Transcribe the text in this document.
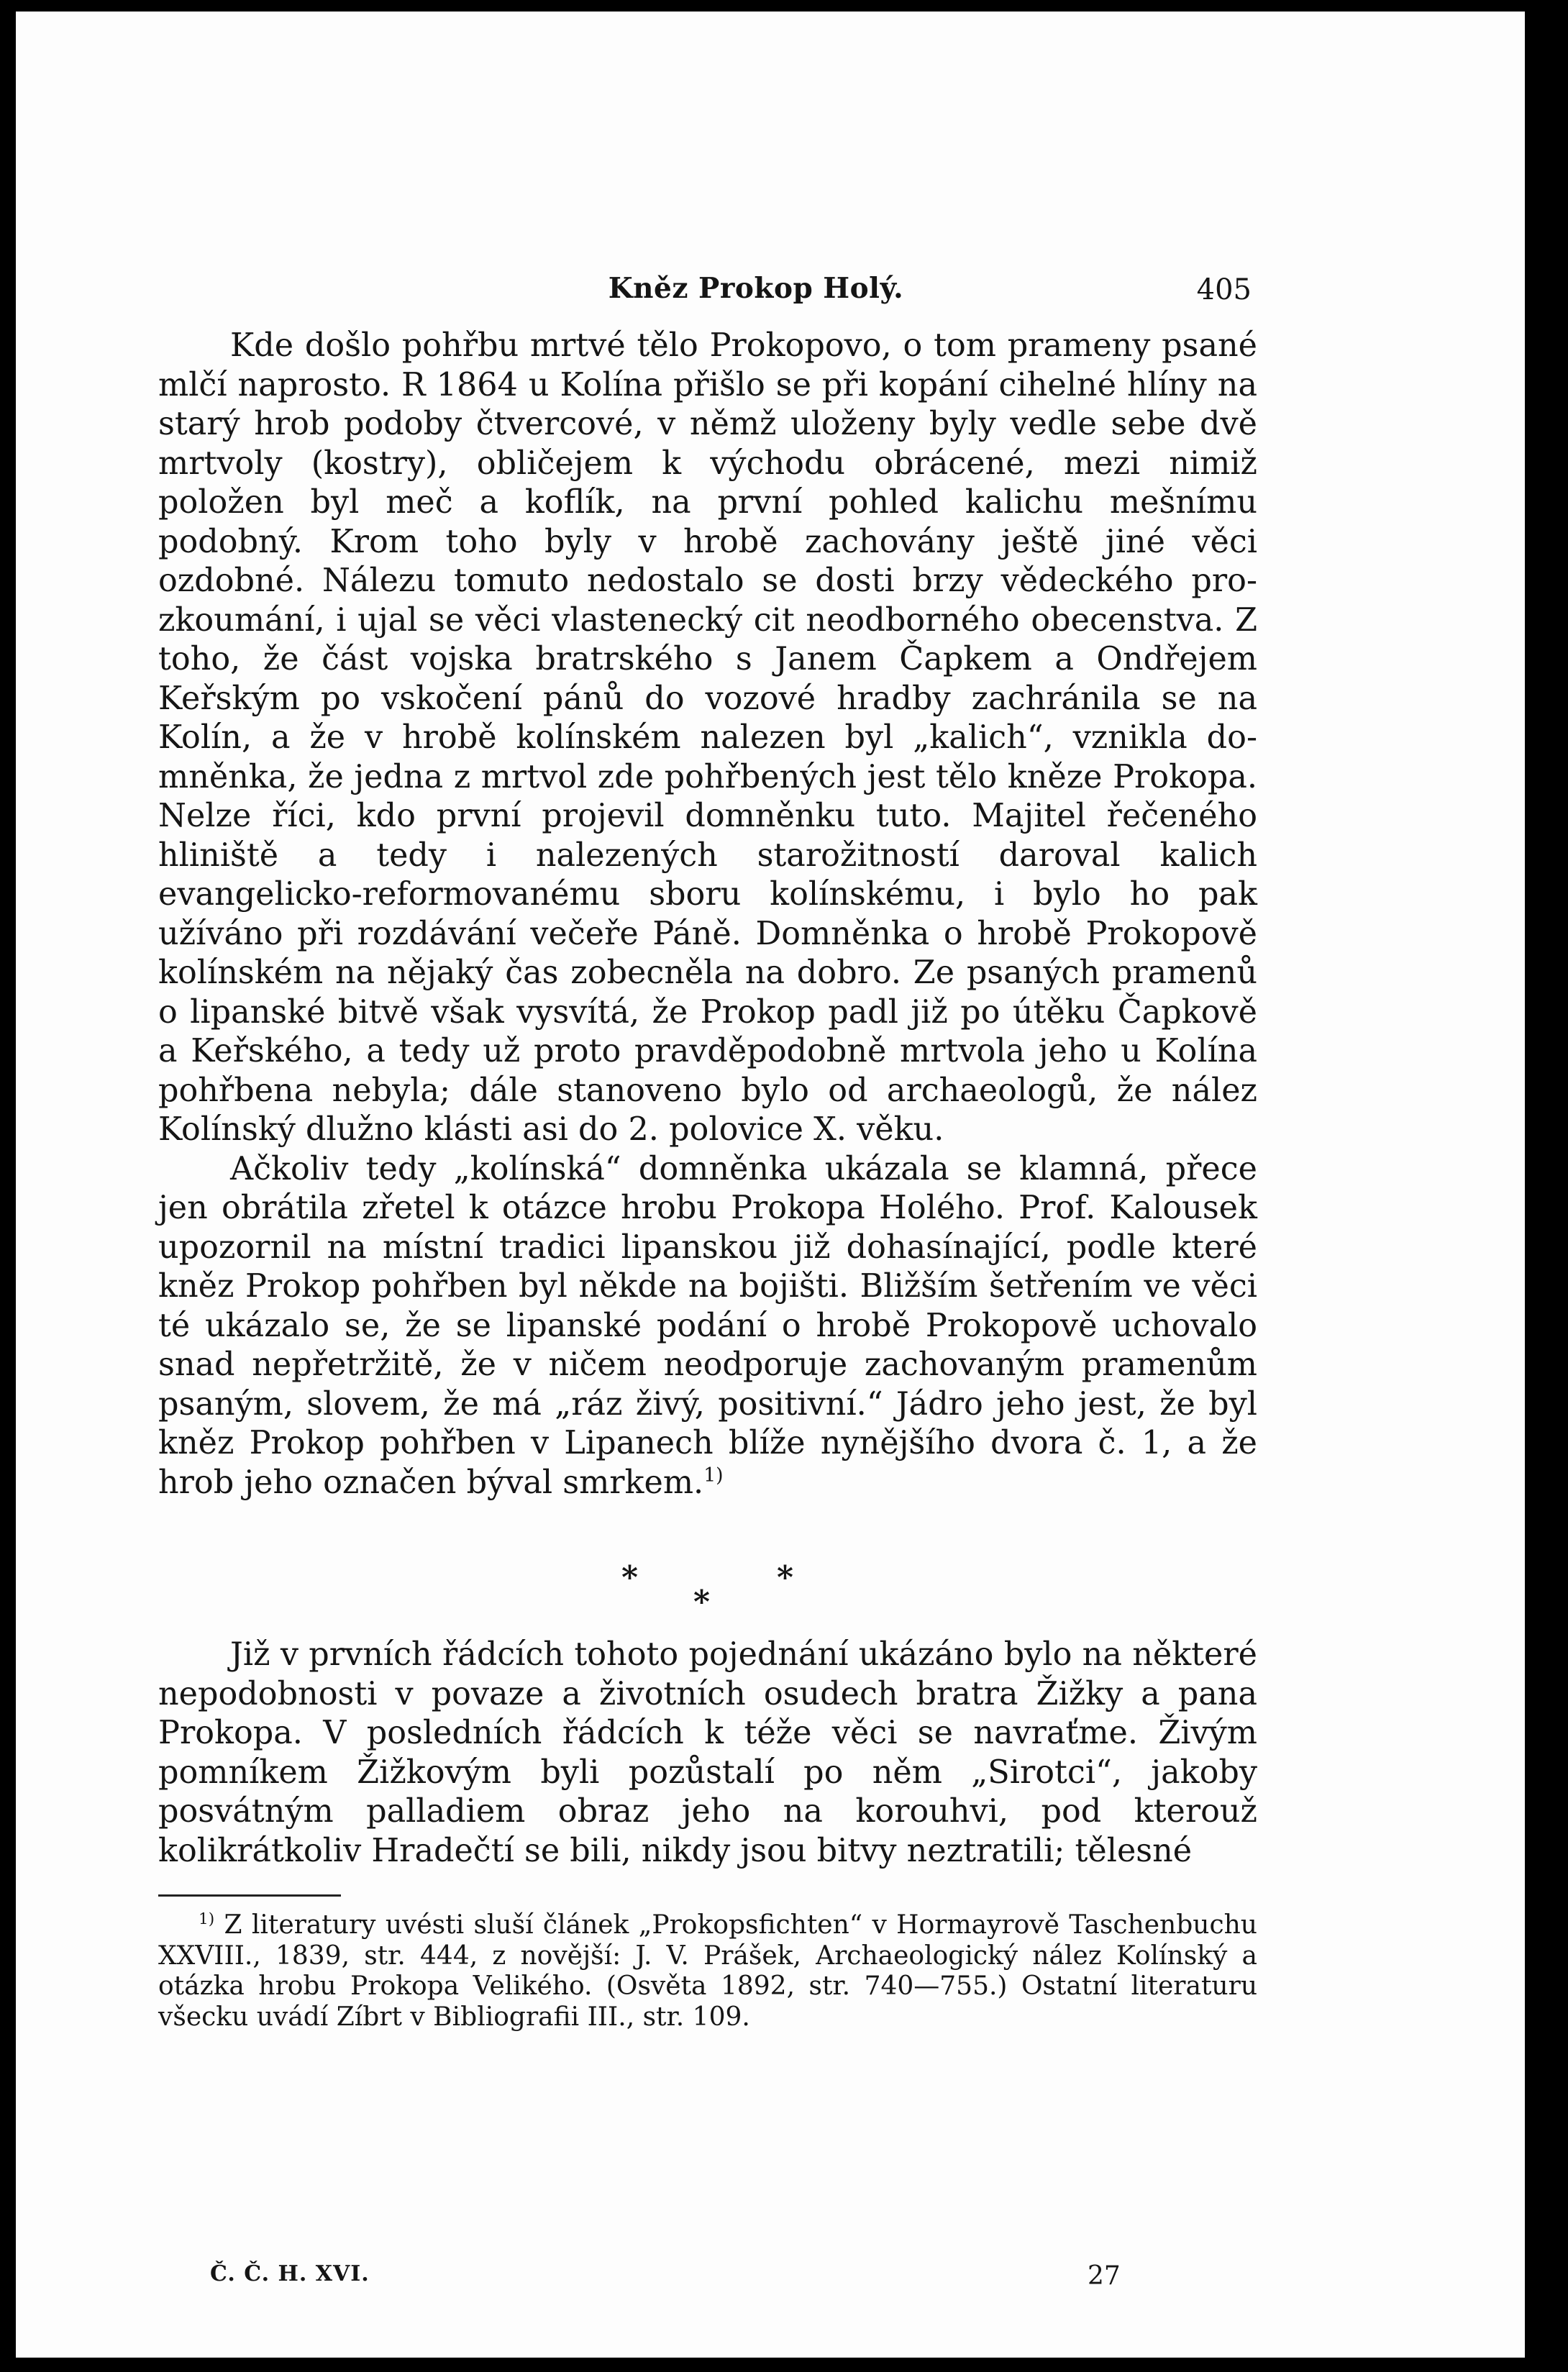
Kněz Prokop Holý.	405

Kde došlo pohřbu mrtvé tělo Prokopovo, o tom prameny psané mlčí naprosto. R 1864 u Kolína přišlo se při kopání cihelné hlíny na starý hrob podoby čtvercové, v němž uloženy byly vedle sebe dvě mrtvoly (kostry), obličejem k východu obrácené, mezi nimiž položen byl meč a koflík, na první pohled kalichu mešnímu podobný. Krom toho byly v hrobě zachovány ještě jiné věci ozdobné. Nálezu tomuto nedostalo se dosti brzy vědeckého prozkoumání, i ujal se věci vlastenecký cit neodborného obecenstva. Z toho, že část vojska bratrského s Janem Čapkem a Ondřejem Keřským po vskočení pánů do vozové hradby zachránila se na Kolín, a že v hrobě kolínském nalezen byl „kalich“, vznikla domněnka, že jedna z mrtvol zde pohřbených jest tělo kněze Prokopa. Nelze říci, kdo první projevil domněnku tuto. Majitel řečeného hliniště a tedy i nalezených starožitností daroval kalich evangelicko-reformovanému sboru kolínskému, i bylo ho pak užíváno při rozdávání večeře Páně. Domněnka o hrobě Prokopově kolínském na nějaký čas zobecněla na dobro. Ze psaných pramenů o lipanské bitvě však vysvítá, že Prokop padl již po útěku Čapkově a Keřského, a tedy už proto pravděpodobně mrtvola jeho u Kolína pohřbena nebyla; dále stanoveno bylo od archaeologů, že nález Kolínský dlužno klásti asi do 2. polovice X. věku.

Ačkoliv tedy „kolínská“ domněnka ukázala se klamná, přece jen obrátila zřetel k otázce hrobu Prokopa Holého. Prof. Kalousek upozornil na místní tradici lipanskou již dohasínající, podle které kněz Prokop pohřben byl někde na bojišti. Bližším šetřením ve věci té ukázalo se, že se lipanské podání o hrobě Prokopově uchovalo snad nepřetržitě, že v ničem neodporuje zachovaným pramenům psaným, slovem, že má „ráz živý, positivní.“ Jádro jeho jest, že byl kněz Prokop pohřben v Lipanech blíže nynějšího dvora č. 1, a že hrob jeho označen býval smrkem.$^{1)}$

*
*
*

Již v prvních řádcích tohoto pojednání ukázáno bylo na některé nepodobnosti v povaze a životních osudech bratra Žižky a pana Prokopa. V posledních řádcích k téže věci se navraťme. Živým pomníkem Žižkovým byli pozůstalí po něm „Sirotci“, jakoby posvátným palladiem obraz jeho na korouhvi, pod kterouž kolikrátkoliv Hradečtí se bili, nikdy jsou bitvy neztratili; tělesné

$^{1)}$ Z literatury uvésti sluší článek „Prokopsfichten“ v Hormayrově Taschenbuchu XXVIII., 1839, str. 444, z novější: J. V. Prášek, Archaeologický nález Kolínský a otázka hrobu Prokopa Velikého. (Osvěta 1892, str. 740—755.) Ostatní literaturu všecku uvádí Zíbrt v Bibliografii III., str. 109.

Č. Č. H. XVI.	27
